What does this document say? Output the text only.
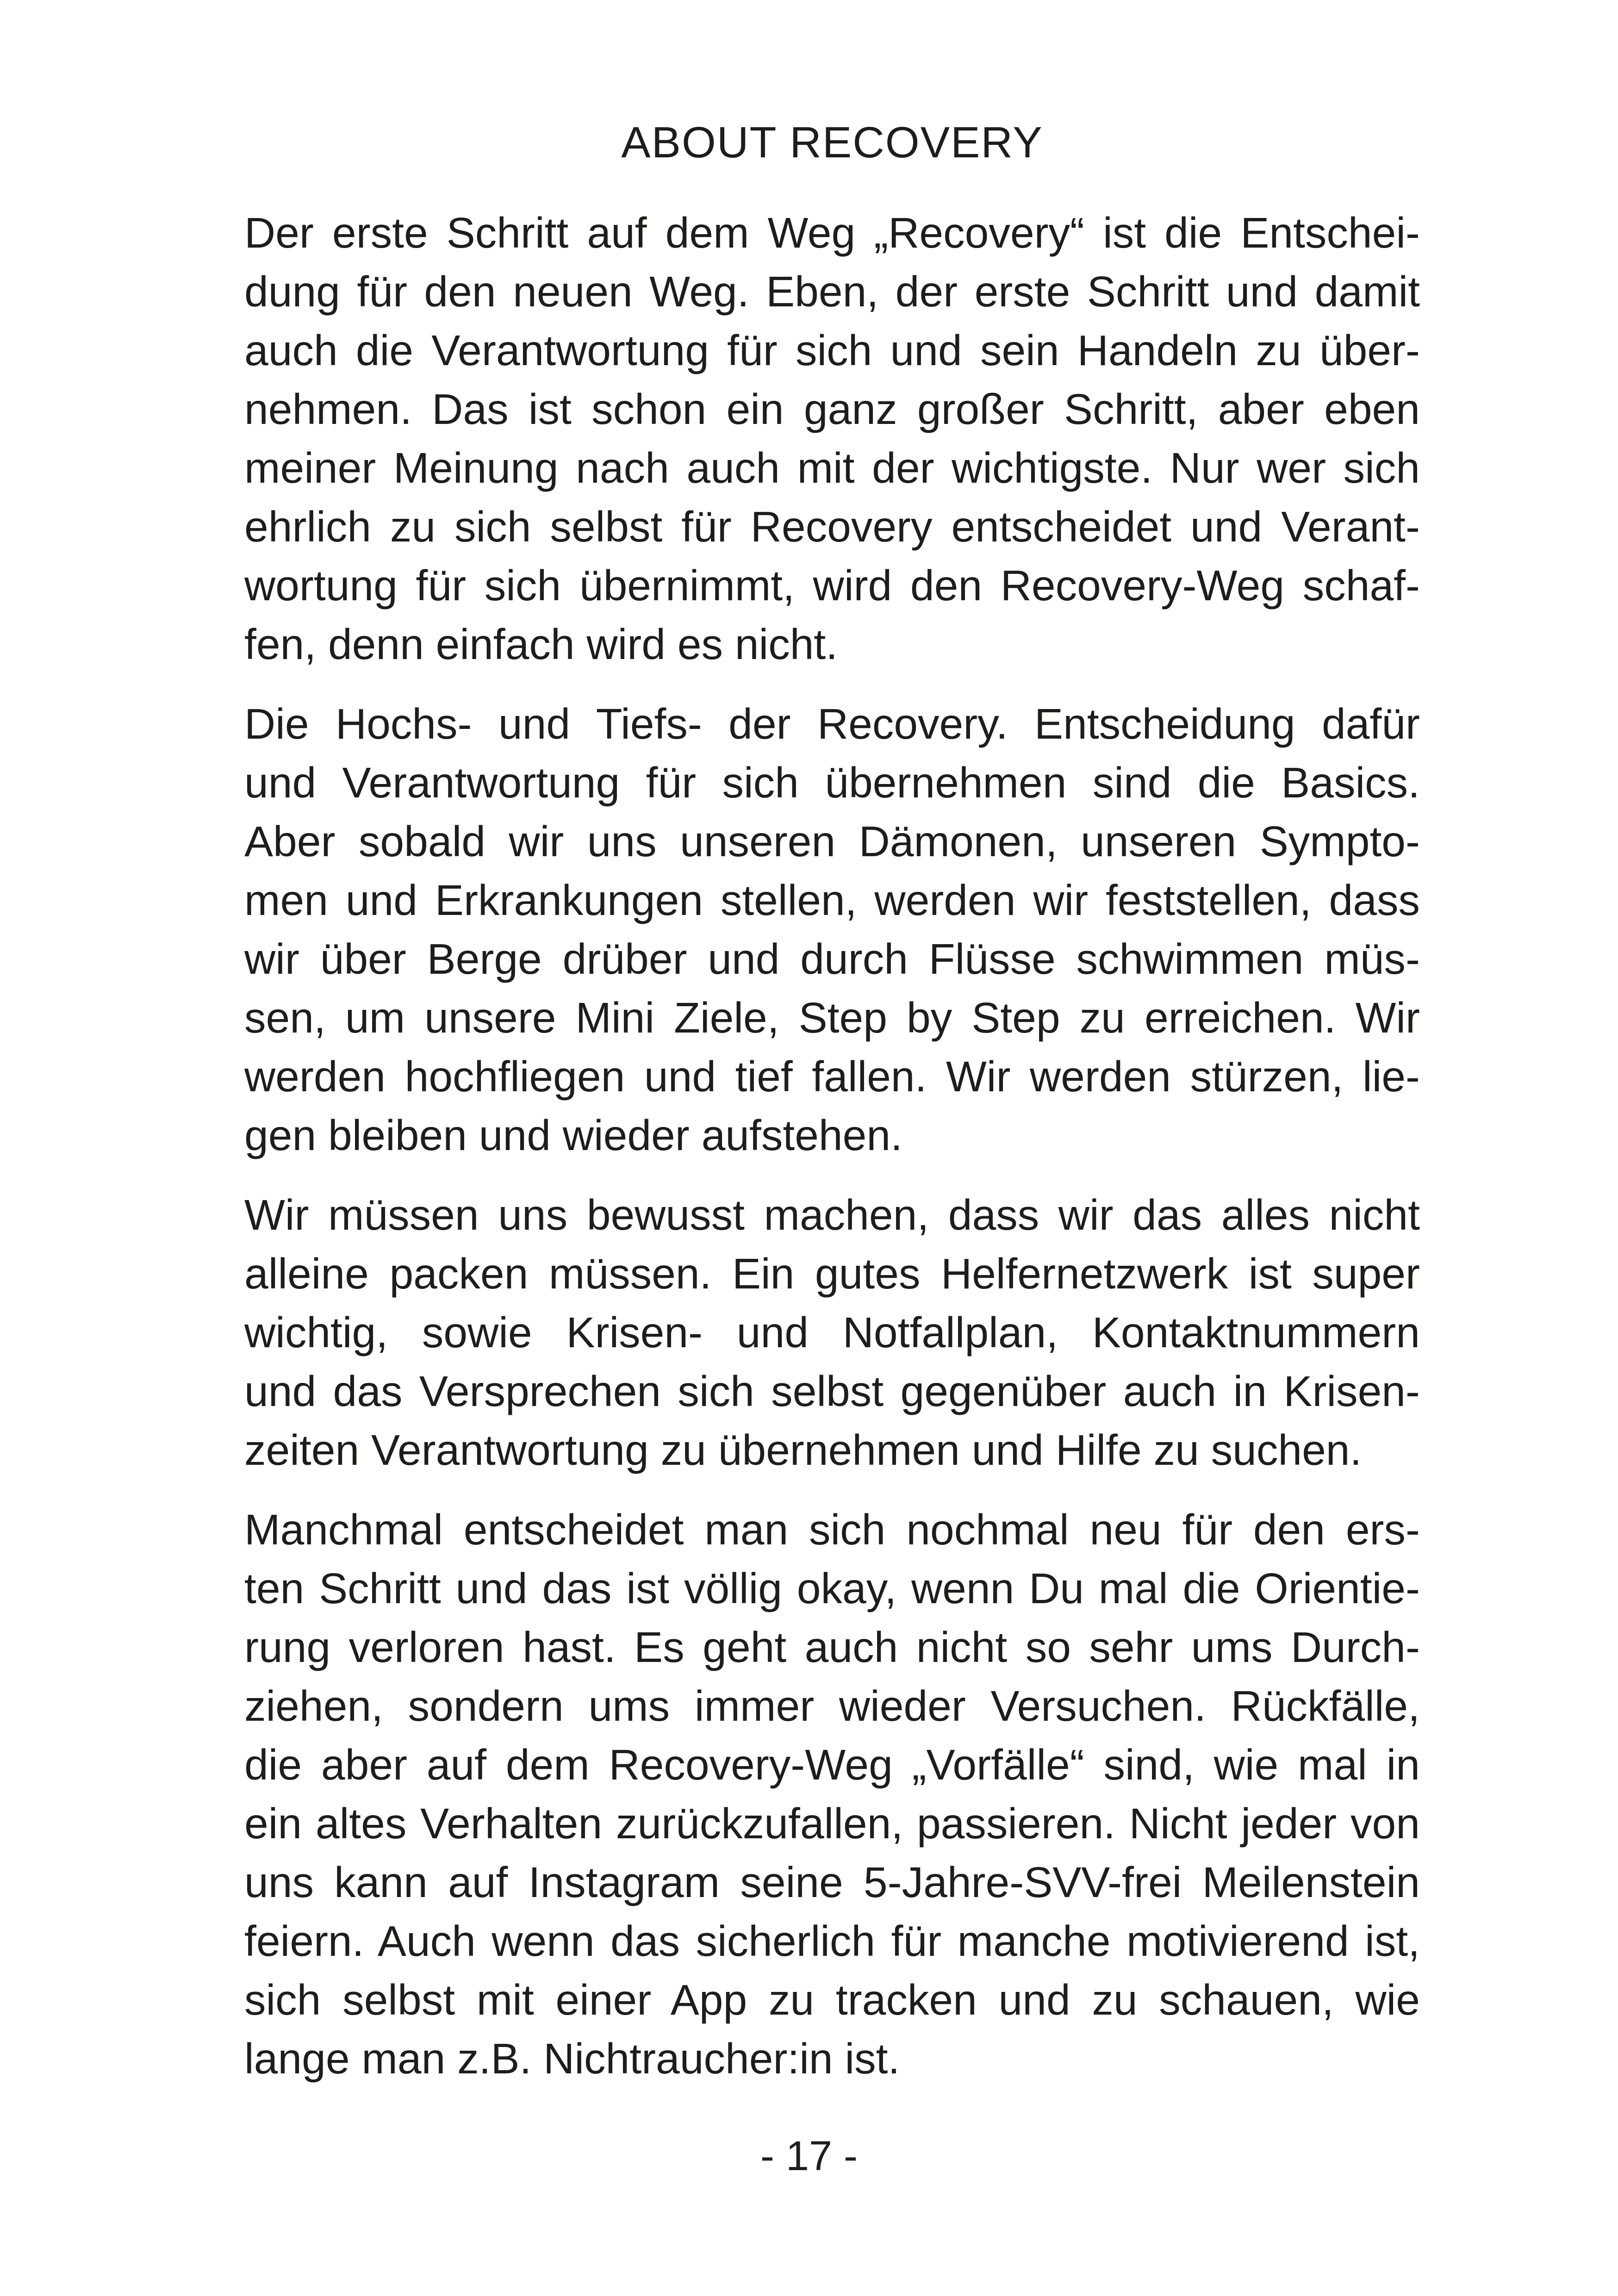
ABOUT RECOVERY

Der erste Schritt auf dem Weg „Recovery“ ist die Entschei-
dung für den neuen Weg. Eben, der erste Schritt und damit
auch die Verantwortung für sich und sein Handeln zu über-
nehmen. Das ist schon ein ganz großer Schritt, aber eben
meiner Meinung nach auch mit der wichtigste. Nur wer sich
ehrlich zu sich selbst für Recovery entscheidet und Verant-
wortung für sich übernimmt, wird den Recovery-Weg schaf-
fen, denn einfach wird es nicht.

Die Hochs- und Tiefs- der Recovery. Entscheidung dafür
und Verantwortung für sich übernehmen sind die Basics.
Aber sobald wir uns unseren Dämonen, unseren Sympto-
men und Erkrankungen stellen, werden wir feststellen, dass
wir über Berge drüber und durch Flüsse schwimmen müs-
sen, um unsere Mini Ziele, Step by Step zu erreichen. Wir
werden hochfliegen und tief fallen. Wir werden stürzen, lie-
gen bleiben und wieder aufstehen.

Wir müssen uns bewusst machen, dass wir das alles nicht
alleine packen müssen. Ein gutes Helfernetzwerk ist super
wichtig, sowie Krisen- und Notfallplan, Kontaktnummern
und das Versprechen sich selbst gegenüber auch in Krisen-
zeiten Verantwortung zu übernehmen und Hilfe zu suchen.

Manchmal entscheidet man sich nochmal neu für den ers-
ten Schritt und das ist völlig okay, wenn Du mal die Orientie-
rung verloren hast. Es geht auch nicht so sehr ums Durch-
ziehen, sondern ums immer wieder Versuchen. Rückfälle,
die aber auf dem Recovery-Weg „Vorfälle“ sind, wie mal in
ein altes Verhalten zurückzufallen, passieren. Nicht jeder von
uns kann auf Instagram seine 5-Jahre-SVV-frei Meilenstein
feiern. Auch wenn das sicherlich für manche motivierend ist,
sich selbst mit einer App zu tracken und zu schauen, wie
lange man z.B. Nichtraucher:in ist.

- 17 -
